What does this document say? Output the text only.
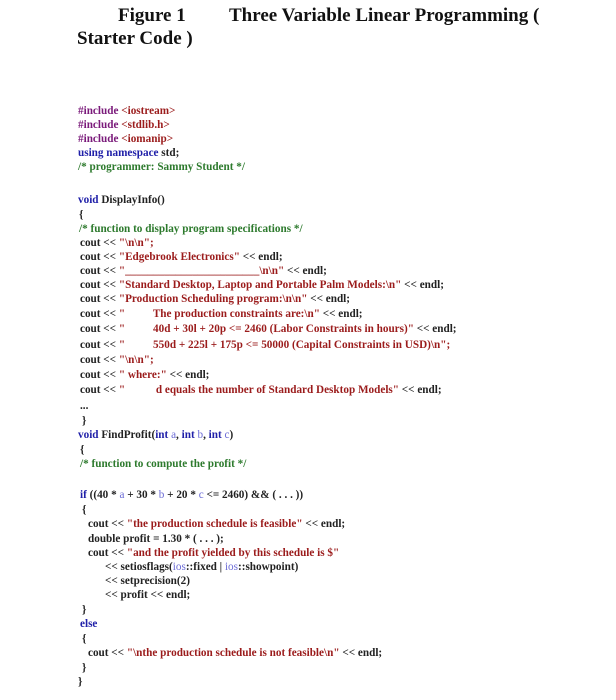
Figure 1 Three Variable Linear Programming (
Starter Code )
#include <iostream>
#include <stdlib.h>
#include <iomanip>
using namespace std;
/* programmer: Sammy Student */
void DisplayInfo()
{
/* function to display program specifications */
cout << "\n\n";
cout << "Edgebrook Electronics" << endl;
cout << "________________________\n\n" << endl;
cout << "Standard Desktop, Laptop and Portable Palm Models:\n" << endl;
cout << "Production Scheduling program:\n\n" << endl;
cout << "          The production constraints are:\n" << endl;
cout << "          40d + 30l + 20p <= 2460 (Labor Constraints in hours)" << endl;
cout << "          550d + 225l + 175p <= 50000 (Capital Constraints in USD)\n";
cout << "\n\n";
cout << " where:" << endl;
cout << "           d equals the number of Standard Desktop Models" << endl;
...
}
void FindProfit(int a, int b, int c)
{
/* function to compute the profit */
if ((40 * a + 30 * b + 20 * c <= 2460) && ( . . . ))
{
cout << "the production schedule is feasible" << endl;
double profit = 1.30 * ( . . . );
cout << "and the profit yielded by this schedule is $"
<< setiosflags(ios::fixed | ios::showpoint)
<< setprecision(2)
<< profit << endl;
}
else
{
cout << "\nthe production schedule is not feasible\n" << endl;
}
}
